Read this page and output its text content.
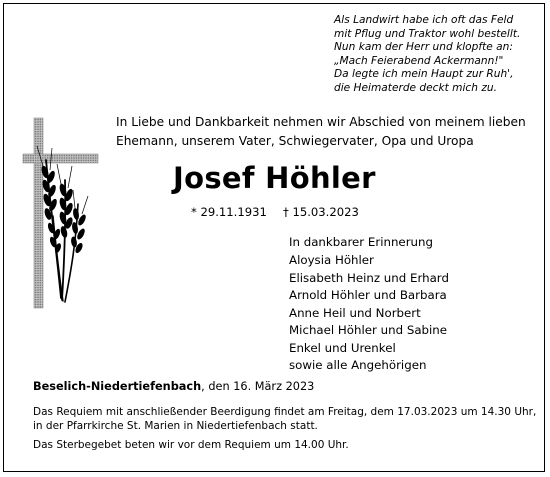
Als Landwirt habe ich oft das Feld
mit Pflug und Traktor wohl bestellt.
Nun kam der Herr und klopfte an:
„Mach Feierabend Ackermann!"
Da legte ich mein Haupt zur Ruh',
die Heimaterde deckt mich zu.
In Liebe und Dankbarkeit nehmen wir Abschied von meinem lieben
Ehemann, unserem Vater, Schwiegervater, Opa und Uropa
Josef Höhler
* 29.11.1931 † 15.03.2023
In dankbarer Erinnerung
Aloysia Höhler
Elisabeth Heinz und Erhard
Arnold Höhler und Barbara
Anne Heil und Norbert
Michael Höhler und Sabine
Enkel und Urenkel
sowie alle Angehörigen
Beselich-Niedertiefenbach, den 16. März 2023
Das Requiem mit anschließender Beerdigung findet am Freitag, dem 17.03.2023 um 14.30 Uhr,
in der Pfarrkirche St. Marien in Niedertiefenbach statt.
Das Sterbegebet beten wir vor dem Requiem um 14.00 Uhr.
